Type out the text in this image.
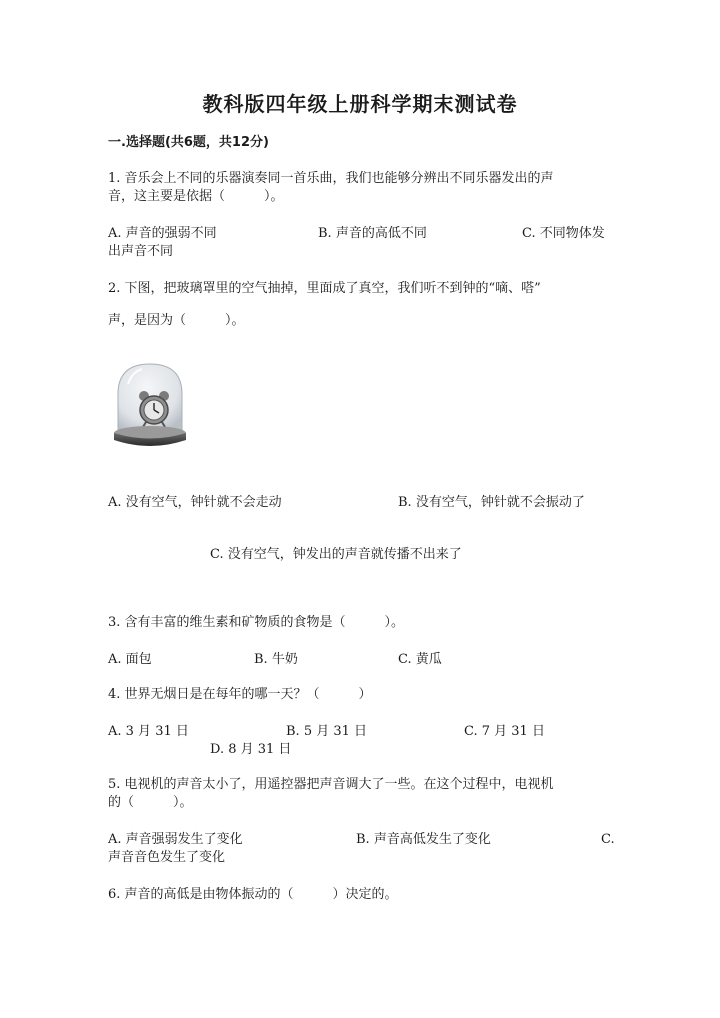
教科版四年级上册科学期末测试卷
一.选择题(共6题，共12分)
1. 音乐会上不同的乐器演奏同一首乐曲，我们也能够分辨出不同乐器发出的声
音，这主要是依据（　　　）。
A. 声音的强弱不同	B. 声音的高低不同	C. 不同物体发
出声音不同
2. 下图，把玻璃罩里的空气抽掉，里面成了真空，我们听不到钟的“嘀、嗒”
声，是因为（　　　）。
A. 没有空气，钟针就不会走动	B. 没有空气，钟针就不会振动了
C. 没有空气，钟发出的声音就传播不出来了
3. 含有丰富的维生素和矿物质的食物是（　　　）。
A. 面包	B. 牛奶	C. 黄瓜
4. 世界无烟日是在每年的哪一天？（　　　）
A. 3 月 31 日	B. 5 月 31 日	C. 7 月 31 日
D. 8 月 31 日
5. 电视机的声音太小了，用遥控器把声音调大了一些。在这个过程中，电视机
的（　　　）。
A. 声音强弱发生了变化	B. 声音高低发生了变化	C.
声音音色发生了变化
6. 声音的高低是由物体振动的（　　　）决定的。
